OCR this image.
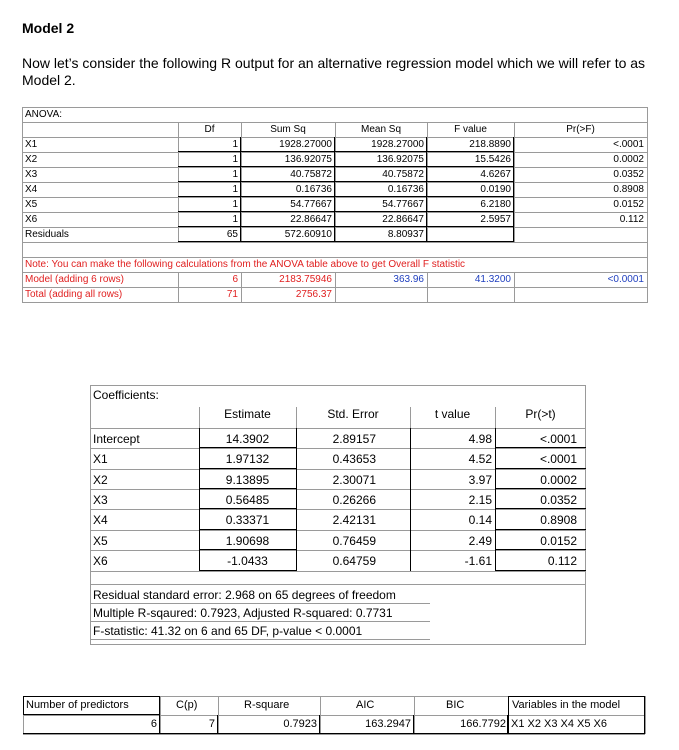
Model 2
Now let’s consider the following R output for an alternative regression model which we will refer to as Model 2.
ANOVA:
Df	Sum Sq	Mean Sq	F value	Pr(>F)
X1	1	1928.27000	1928.27000	218.8890	<.0001
X2	1	136.92075	136.92075	15.5426	0.0002
X3	1	40.75872	40.75872	4.6267	0.0352
X4	1	0.16736	0.16736	0.0190	0.8908
X5	1	54.77667	54.77667	6.2180	0.0152
X6	1	22.86647	22.86647	2.5957	0.112
Residuals	65	572.60910	8.80937
Note: You can make the following calculations from the ANOVA table above to get Overall F statistic
Model (adding 6 rows)	6	2183.75946	363.96	41.3200	<0.0001
Total (adding all rows)	71	2756.37
Coefficients:
Estimate	Std. Error	t value	Pr(>t)
Intercept	14.3902	2.89157	4.98	<.0001
X1	1.97132	0.43653	4.52	<.0001
X2	9.13895	2.30071	3.97	0.0002
X3	0.56485	0.26266	2.15	0.0352
X4	0.33371	2.42131	0.14	0.8908
X5	1.90698	0.76459	2.49	0.0152
X6	-1.0433	0.64759	-1.61	0.112
Residual standard error: 2.968 on 65 degrees of freedom
Multiple R-sqaured: 0.7923, Adjusted R-squared: 0.7731
F-statistic: 41.32 on 6 and 65 DF, p-value < 0.0001
Number of predictors	C(p)	R-square	AIC	BIC	Variables in the model
6	7	0.7923	163.2947	166.7792 X1 X2 X3 X4 X5 X6
